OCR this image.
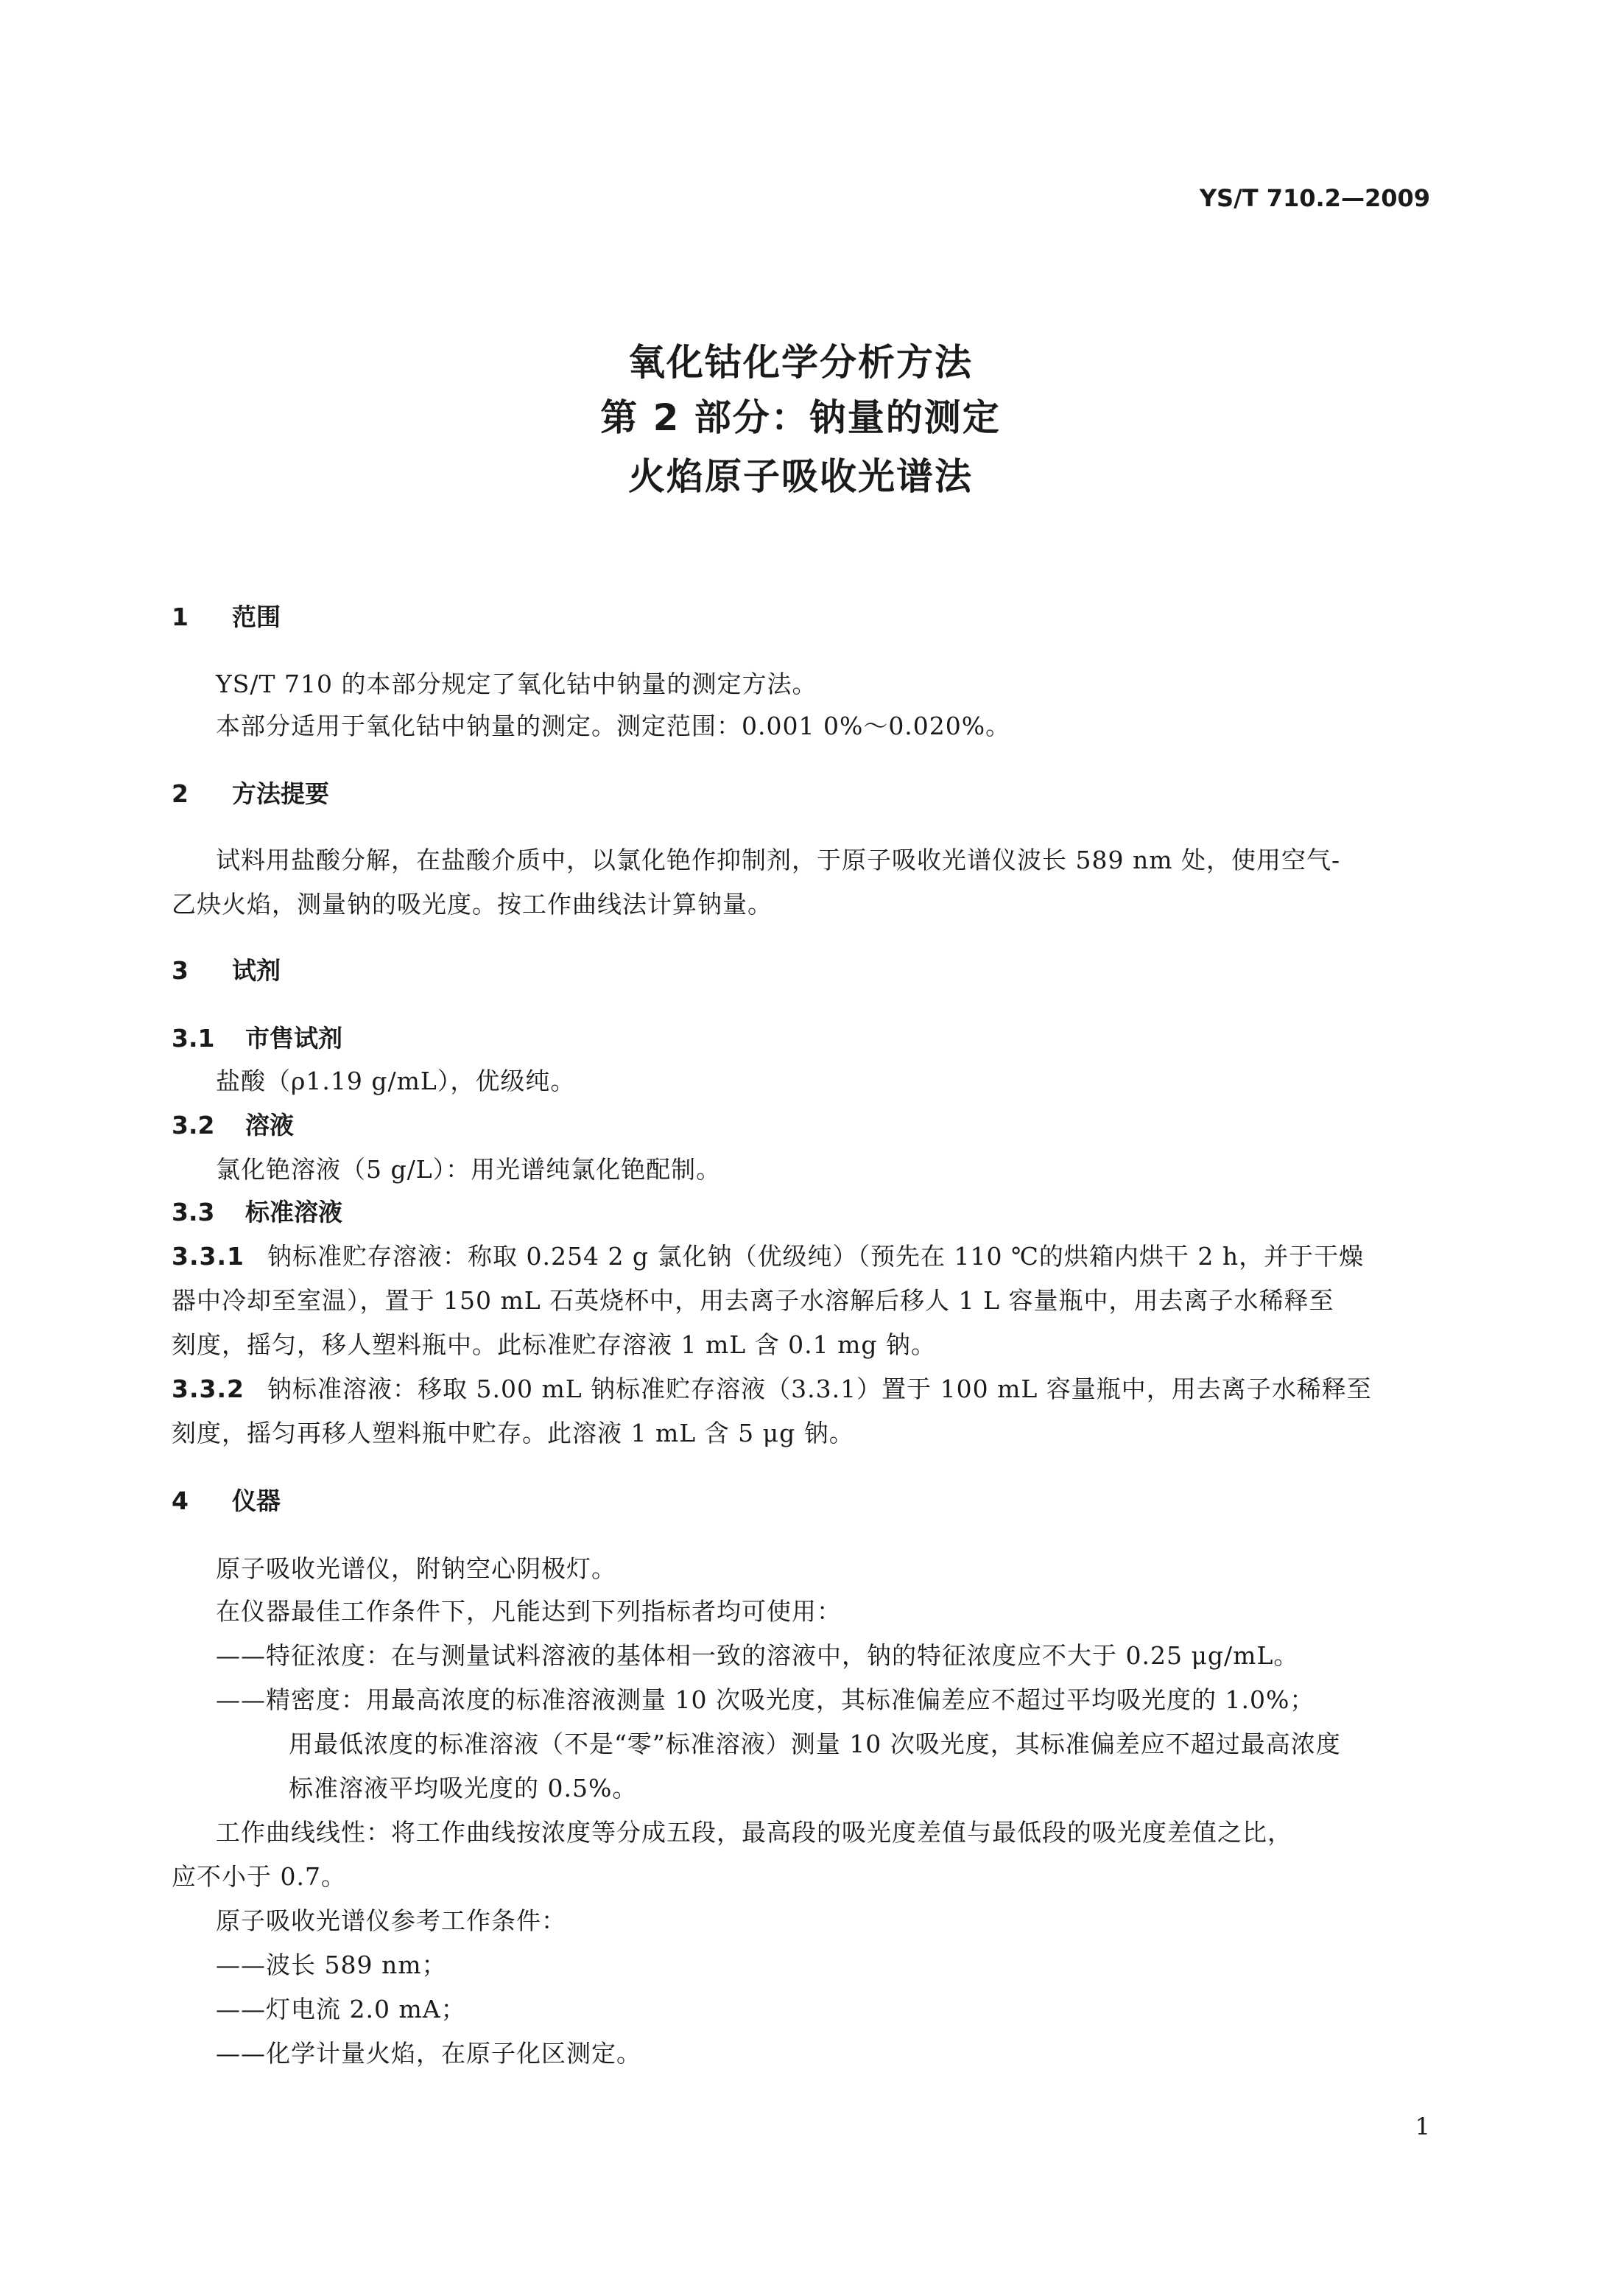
YS/T 710.2—2009
氧化钴化学分析方法
第 2 部分：钠量的测定
火焰原子吸收光谱法
1 范围
YS/T 710 的本部分规定了氧化钴中钠量的测定方法。
本部分适用于氧化钴中钠量的测定。测定范围：0.001 0%～0.020%。
2 方法提要
试料用盐酸分解，在盐酸介质中，以氯化铯作抑制剂，于原子吸收光谱仪波长 589 nm 处，使用空气-
乙炔火焰，测量钠的吸光度。按工作曲线法计算钠量。
3 试剂
3.1 市售试剂
盐酸（ρ1.19 g/mL），优级纯。
3.2 溶液
氯化铯溶液（5 g/L）：用光谱纯氯化铯配制。
3.3 标准溶液
3.3.1 钠标准贮存溶液：称取 0.254 2 g 氯化钠（优级纯）（预先在 110 ℃的烘箱内烘干 2 h，并于干燥
器中冷却至室温），置于 150 mL 石英烧杯中，用去离子水溶解后移人 1 L 容量瓶中，用去离子水稀释至
刻度，摇匀，移人塑料瓶中。此标准贮存溶液 1 mL 含 0.1 mg 钠。
3.3.2 钠标准溶液：移取 5.00 mL 钠标准贮存溶液（3.3.1）置于 100 mL 容量瓶中，用去离子水稀释至
刻度，摇匀再移人塑料瓶中贮存。此溶液 1 mL 含 5 μg 钠。
4 仪器
原子吸收光谱仪，附钠空心阴极灯。
在仪器最佳工作条件下，凡能达到下列指标者均可使用：
——特征浓度：在与测量试料溶液的基体相一致的溶液中，钠的特征浓度应不大于 0.25 μg/mL。
——精密度：用最高浓度的标准溶液测量 10 次吸光度，其标准偏差应不超过平均吸光度的 1.0%；
用最低浓度的标准溶液（不是“零”标准溶液）测量 10 次吸光度，其标准偏差应不超过最高浓度
标准溶液平均吸光度的 0.5%。
工作曲线线性：将工作曲线按浓度等分成五段，最高段的吸光度差值与最低段的吸光度差值之比，
应不小于 0.7。
原子吸收光谱仪参考工作条件：
——波长 589 nm；
——灯电流 2.0 mA；
——化学计量火焰，在原子化区测定。
1
